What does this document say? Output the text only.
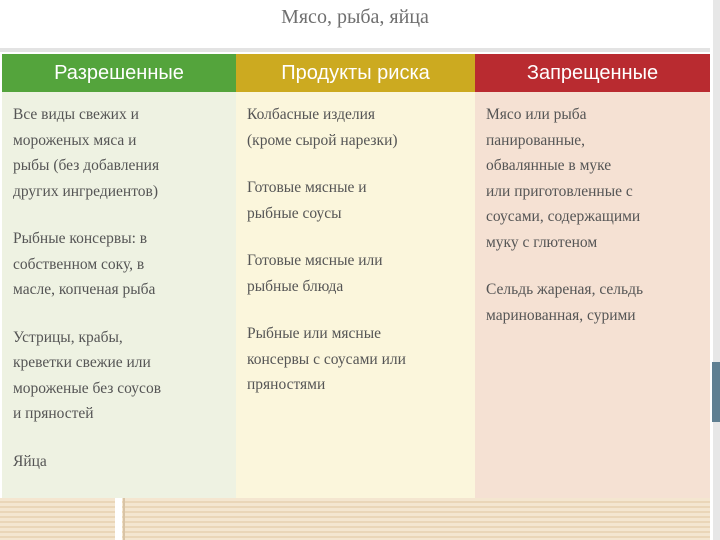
Мясо, рыба, яйца
Разрешенные
Все виды свежих и
мороженых мяса и
рыбы (без добавления
других ингредиентов)
Рыбные консервы: в
собственном соку, в
масле, копченая рыба
Устрицы, крабы,
креветки свежие или
мороженые без соусов
и пряностей
Яйца
Продукты риска
Колбасные изделия
(кроме сырой нарезки)
Готовые мясные и
рыбные соусы
Готовые мясные или
рыбные блюда
Рыбные или мясные
консервы с соусами или
пряностями
Запрещенные
Мясо или рыба
панированные,
обвалянные в муке
или приготовленные с
соусами, содержащими
муку с глютеном
Сельдь жареная, сельдь
маринованная, сурими
